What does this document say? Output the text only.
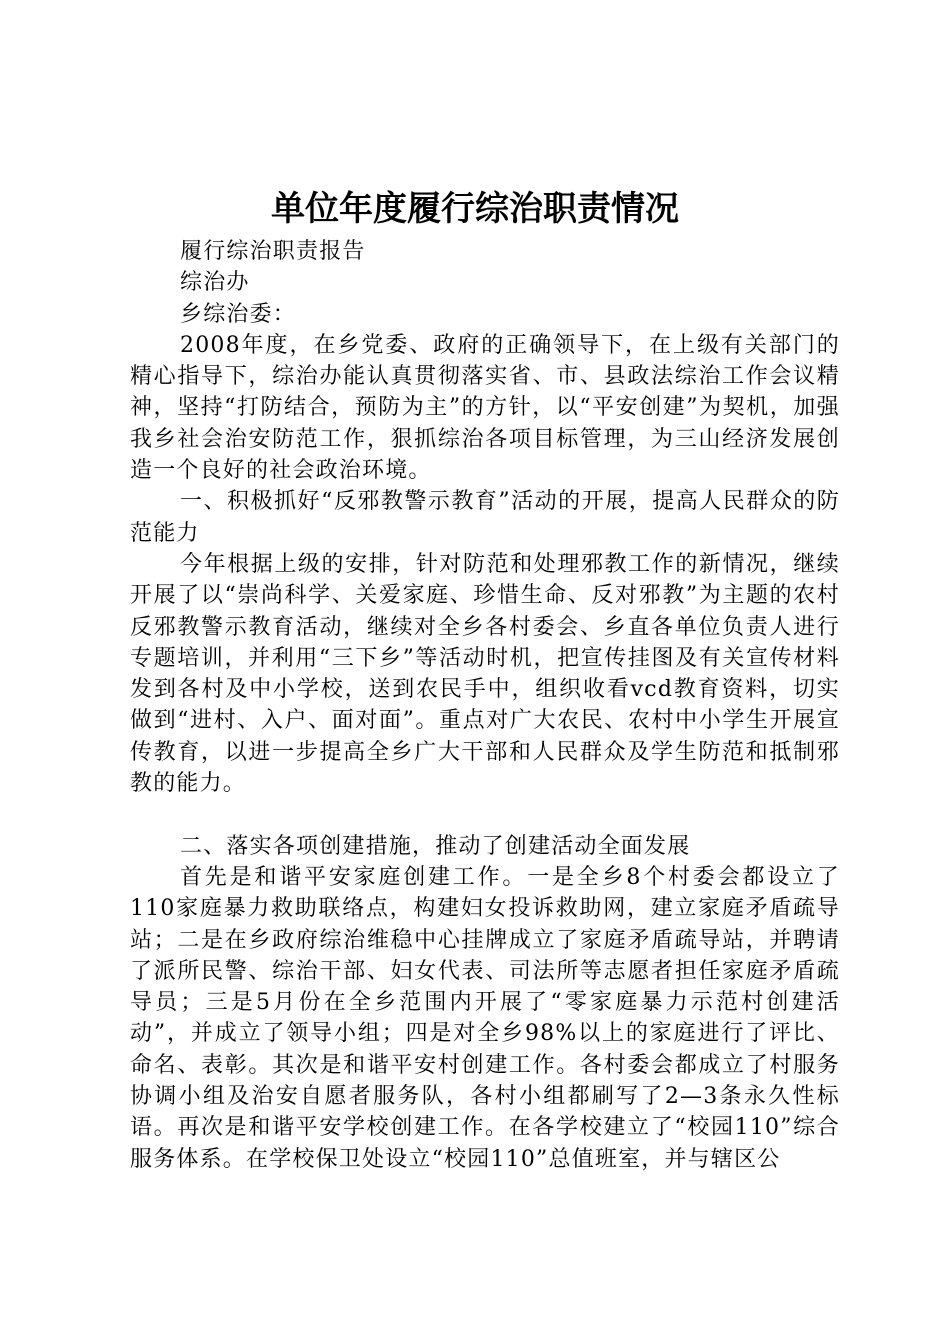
单位年度履行综治职责情况

履行综治职责报告

综治办

乡综治委：

2008年度，在乡党委、政府的正确领导下，在上级有关部门的精心指导下，综治办能认真贯彻落实省、市、县政法综治工作会议精神，坚持“打防结合，预防为主”的方针，以“平安创建”为契机，加强我乡社会治安防范工作，狠抓综治各项目标管理，为三山经济发展创造一个良好的社会政治环境。

一、积极抓好“反邪教警示教育”活动的开展，提高人民群众的防范能力

今年根据上级的安排，针对防范和处理邪教工作的新情况，继续开展了以“崇尚科学、关爱家庭、珍惜生命、反对邪教”为主题的农村反邪教警示教育活动，继续对全乡各村委会、乡直各单位负责人进行专题培训，并利用“三下乡”等活动时机，把宣传挂图及有关宣传材料发到各村及中小学校，送到农民手中，组织收看vcd教育资料，切实做到“进村、入户、面对面”。重点对广大农民、农村中小学生开展宣传教育，以进一步提高全乡广大干部和人民群众及学生防范和抵制邪教的能力。

二、落实各项创建措施，推动了创建活动全面发展

首先是和谐平安家庭创建工作。一是全乡8个村委会都设立了110家庭暴力救助联络点，构建妇女投诉救助网，建立家庭矛盾疏导站；二是在乡政府综治维稳中心挂牌成立了家庭矛盾疏导站，并聘请了派所民警、综治干部、妇女代表、司法所等志愿者担任家庭矛盾疏导员；三是5月份在全乡范围内开展了“零家庭暴力示范村创建活动”，并成立了领导小组；四是对全乡98%以上的家庭进行了评比、命名、表彰。其次是和谐平安村创建工作。各村委会都成立了村服务协调小组及治安自愿者服务队，各村小组都刷写了2—3条永久性标语。再次是和谐平安学校创建工作。在各学校建立了“校园110”综合服务体系。在学校保卫处设立“校园110”总值班室，并与辖区公
